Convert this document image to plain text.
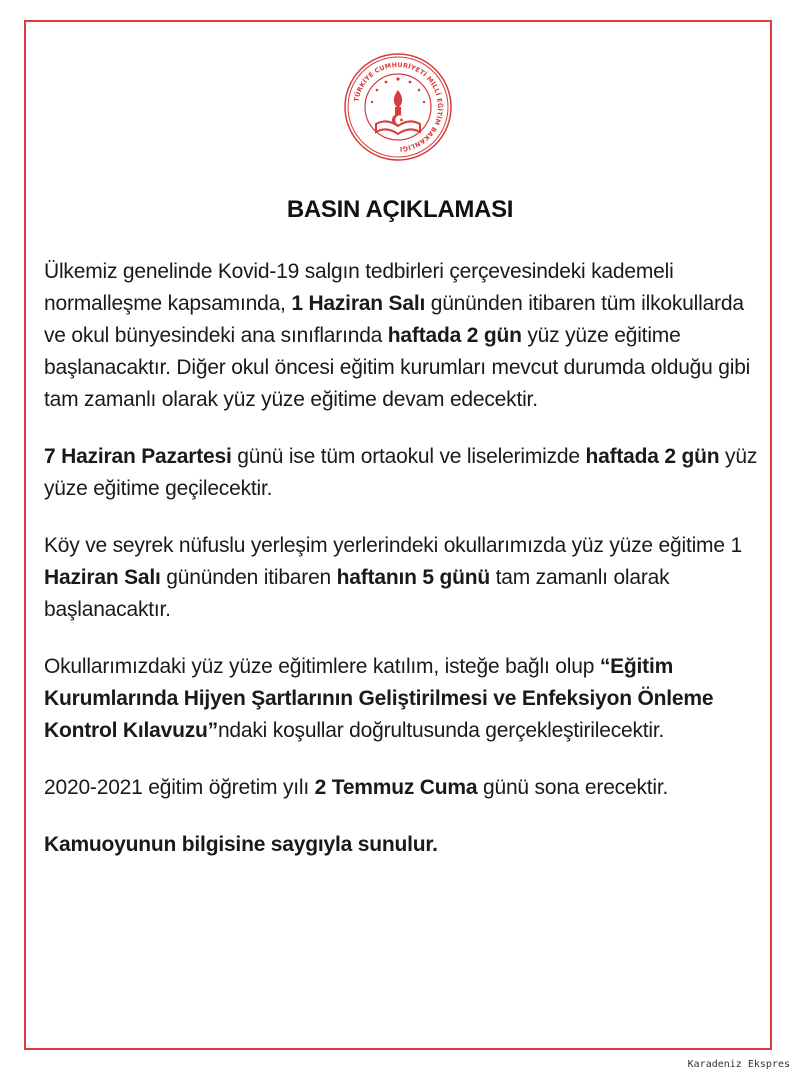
TÜRKİYE CUMHURİYETİ MİLLİ EĞİTİM BAKANLIĞI
BASIN AÇIKLAMASI

Ülkemiz genelinde Kovid-19 salgın tedbirleri çerçevesindeki kademeli normalleşme kapsamında, 1 Haziran Salı gününden itibaren tüm ilkokullarda ve okul bünyesindeki ana sınıflarında haftada 2 gün yüz yüze eğitime başlanacaktır. Diğer okul öncesi eğitim kurumları mevcut durumda olduğu gibi tam zamanlı olarak yüz yüze eğitime devam edecektir.

7 Haziran Pazartesi günü ise tüm ortaokul ve liselerimizde haftada 2 gün yüz yüze eğitime geçilecektir.

Köy ve seyrek nüfuslu yerleşim yerlerindeki okullarımızda yüz yüze eğitime 1 Haziran Salı gününden itibaren haftanın 5 günü tam zamanlı olarak başlanacaktır.

Okullarımızdaki yüz yüze eğitimlere katılım, isteğe bağlı olup “Eğitim Kurumlarında Hijyen Şartlarının Geliştirilmesi ve Enfeksiyon Önleme Kontrol Kılavuzu”ndaki koşullar doğrultusunda gerçekleştirilecektir.

2020-2021 eğitim öğretim yılı 2 Temmuz Cuma günü sona erecektir.

Kamuoyunun bilgisine saygıyla sunulur.

Karadeniz Ekspres
